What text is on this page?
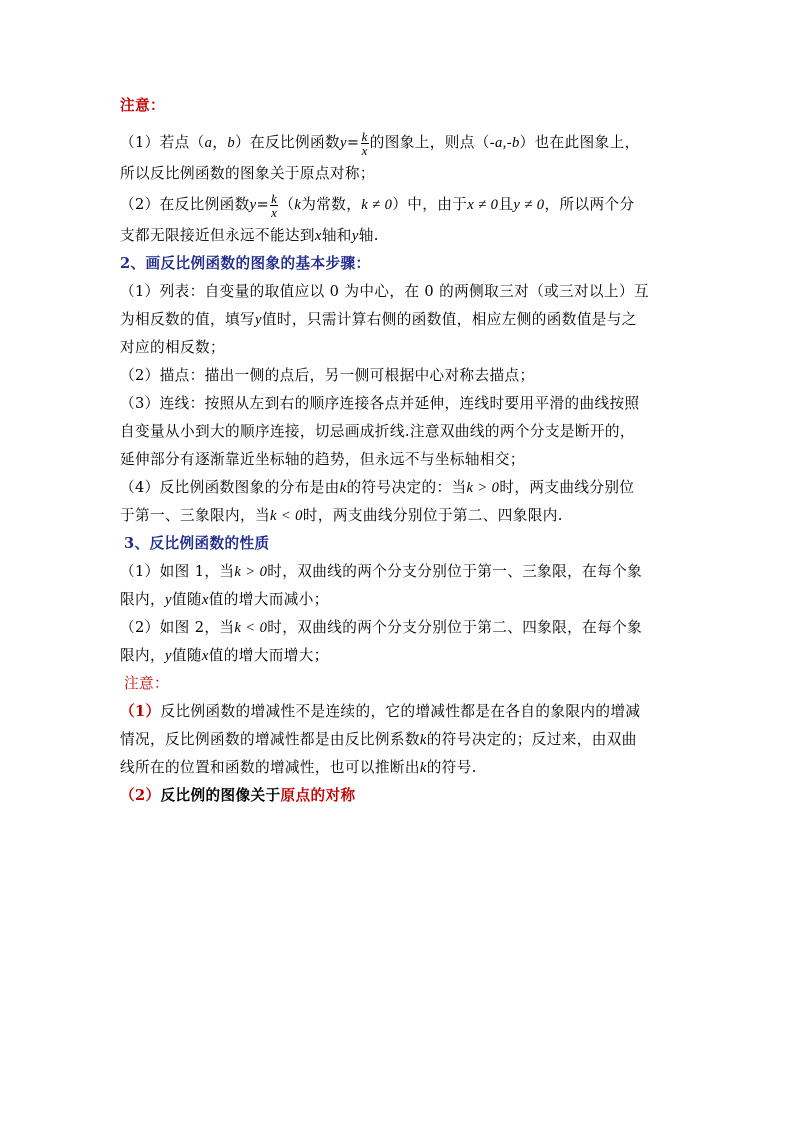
注意：
（1）若点（a，b）在反比例函数$y= \frac{k}{x}$ 的图象上，则点（-a,-b）也在此图象上，
所以反比例函数的图象关于原点对称；
（2）在反比例函数$y= \frac{k}{x} (k$为常数，k ≠ 0）中，由于x ≠ 0且y ≠ 0，所以两个分
支都无限接近但永远不能达到x轴和y轴.
2、画反比例函数的图象的基本步骤：
（1）列表：自变量的取值应以 0 为中心，在 0 的两侧取三对（或三对以上）互
为相反数的值，填写y值时，只需计算右侧的函数值，相应左侧的函数值是与之
对应的相反数；
（2）描点：描出一侧的点后，另一侧可根据中心对称去描点；
（3）连线：按照从左到右的顺序连接各点并延伸，连线时要用平滑的曲线按照
自变量从小到大的顺序连接，切忌画成折线.注意双曲线的两个分支是断开的，
延伸部分有逐渐靠近坐标轴的趋势，但永远不与坐标轴相交；
（4）反比例函数图象的分布是由k的符号决定的：当k > 0时，两支曲线分别位
于第一、三象限内，当k < 0时，两支曲线分别位于第二、四象限内.
3、反比例函数的性质
（1）如图 1，当k > 0时，双曲线的两个分支分别位于第一、三象限，在每个象
限内，y值随x值的增大而减小；
（2）如图 2，当k < 0时，双曲线的两个分支分别位于第二、四象限，在每个象
限内，y值随x值的增大而增大；
注意：
（1）反比例函数的增减性不是连续的，它的增减性都是在各自的象限内的增减
情况，反比例函数的增减性都是由反比例系数k的符号决定的；反过来，由双曲
线所在的位置和函数的增减性，也可以推断出k的符号.
（2）反比例的图像关于原点的对称
